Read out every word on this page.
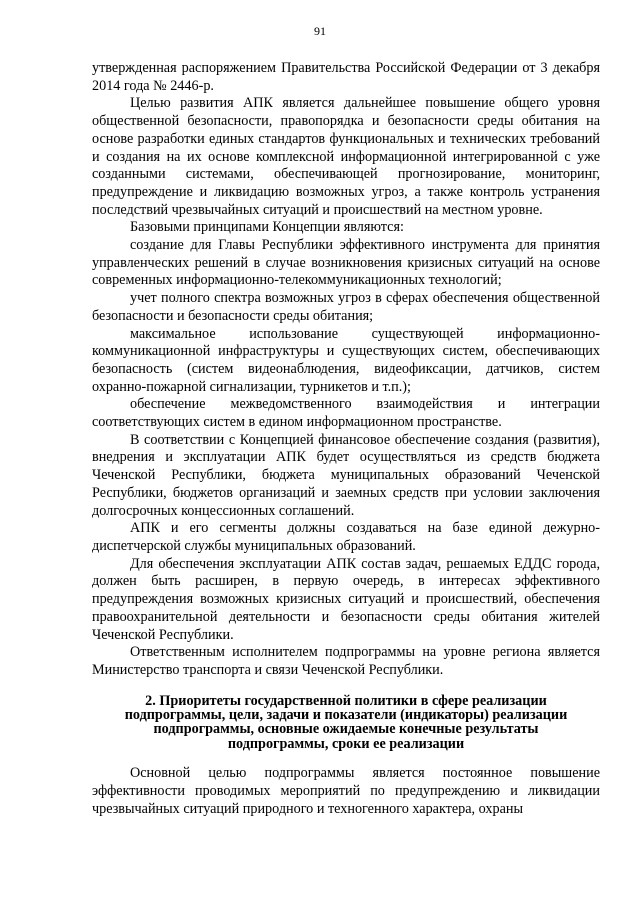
91

утвержденная распоряжением Правительства Российской Федерации от 3 декабря 2014 года № 2446-р.

Целью развития АПК является дальнейшее повышение общего уровня общественной безопасности, правопорядка и безопасности среды обитания на основе разработки единых стандартов функциональных и технических требований и создания на их основе комплексной информационной интегрированной с уже созданными системами, обеспечивающей прогнозирование, мониторинг, предупреждение и ликвидацию возможных угроз, а также контроль устранения последствий чрезвычайных ситуаций и происшествий на местном уровне.

Базовыми принципами Концепции являются:

создание для Главы Республики эффективного инструмента для принятия управленческих решений в случае возникновения кризисных ситуаций на основе современных информационно-телекоммуникационных технологий;

учет полного спектра возможных угроз в сферах обеспечения общественной безопасности и безопасности среды обитания;

максимальное использование существующей информационно-коммуникационной инфраструктуры и существующих систем, обеспечивающих безопасность (систем видеонаблюдения, видеофиксации, датчиков, систем охранно-пожарной сигнализации, турникетов и т.п.);

обеспечение межведомственного взаимодействия и интеграции соответствующих систем в едином информационном пространстве.

В соответствии с Концепцией финансовое обеспечение создания (развития), внедрения и эксплуатации АПК будет осуществляться из средств бюджета Чеченской Республики, бюджета муниципальных образований Чеченской Республики, бюджетов организаций и заемных средств при условии заключения долгосрочных концессионных соглашений.

АПК и его сегменты должны создаваться на базе единой дежурно-диспетчерской службы муниципальных образований.

Для обеспечения эксплуатации АПК состав задач, решаемых ЕДДС города, должен быть расширен, в первую очередь, в интересах эффективного предупреждения возможных кризисных ситуаций и происшествий, обеспечения правоохранительной деятельности и безопасности среды обитания жителей Чеченской Республики.

Ответственным исполнителем подпрограммы на уровне региона является Министерство транспорта и связи Чеченской Республики.

2. Приоритеты государственной политики в сфере реализации подпрограммы, цели, задачи и показатели (индикаторы) реализации подпрограммы, основные ожидаемые конечные результаты подпрограммы, сроки ее реализации

Основной целью подпрограммы является постоянное повышение эффективности проводимых мероприятий по предупреждению и ликвидации чрезвычайных ситуаций природного и техногенного характера, охраны
